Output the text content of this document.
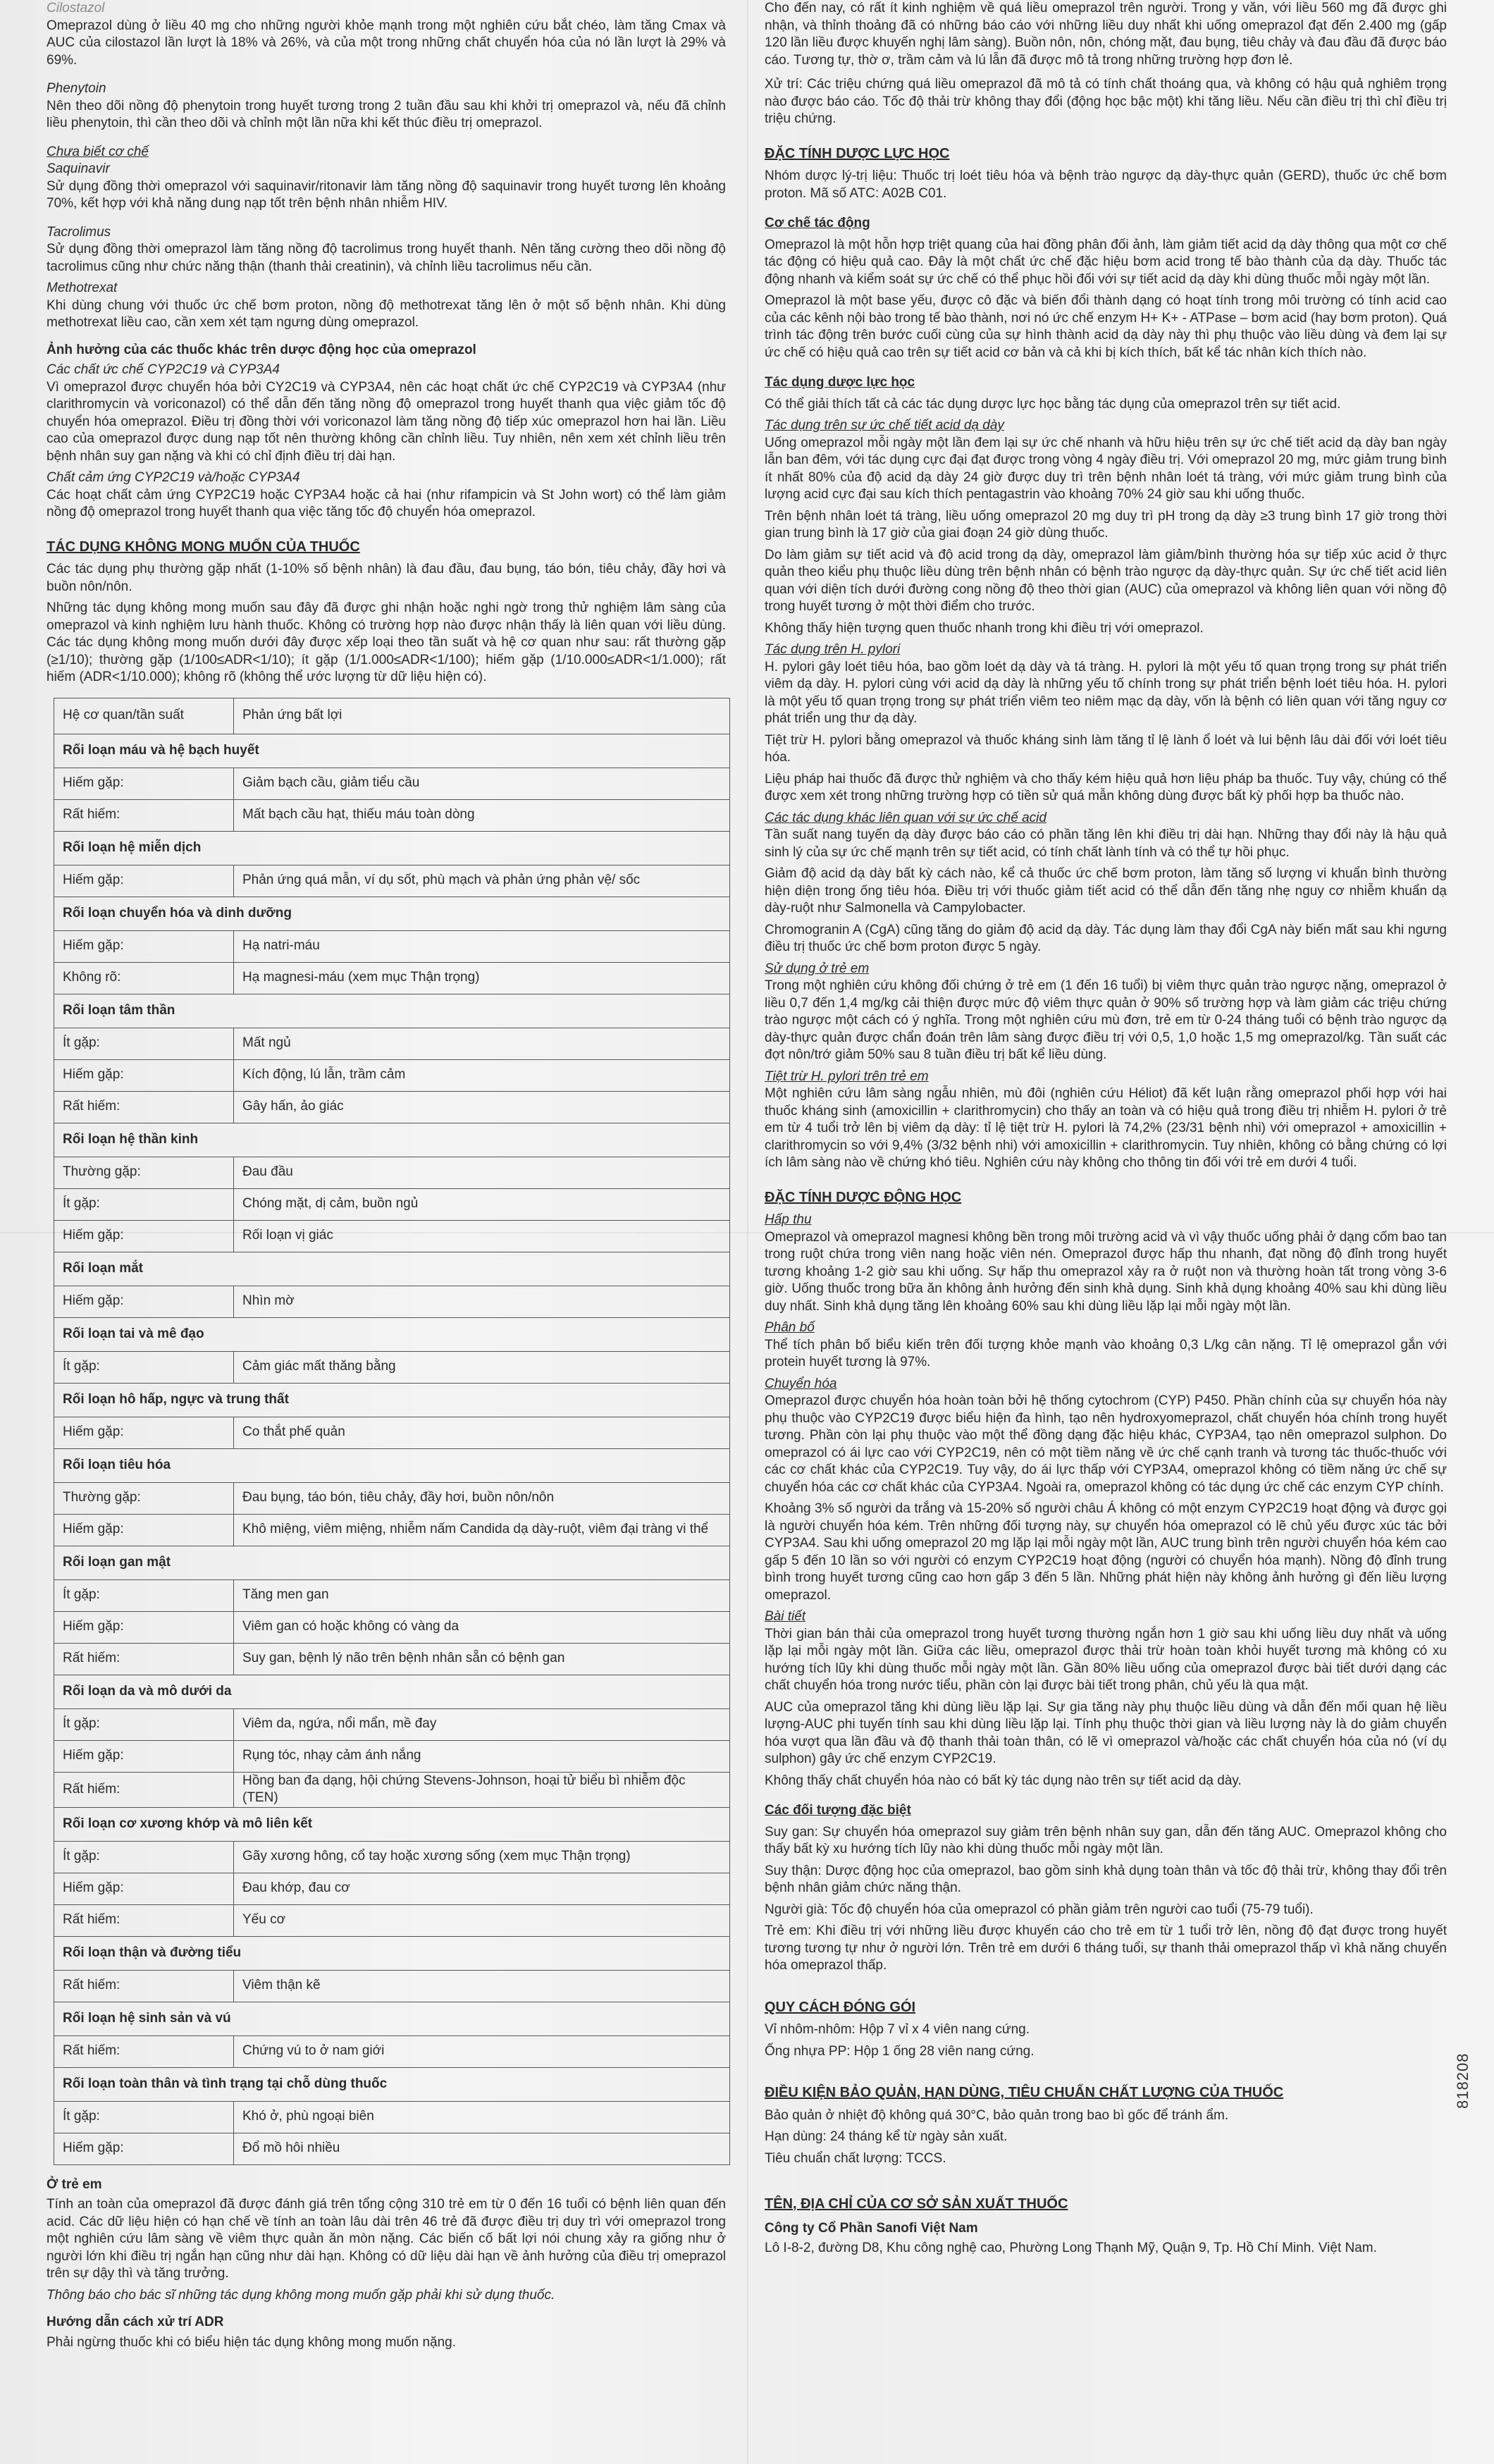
Cilostazol

Omeprazol dùng ở liều 40 mg cho những người khỏe mạnh trong một nghiên cứu bắt chéo, làm tăng Cmax và AUC của cilostazol lần lượt là 18% và 26%, và của một trong những chất chuyển hóa của nó lần lượt là 29% và 69%.

Phenytoin

Nên theo dõi nồng độ phenytoin trong huyết tương trong 2 tuần đầu sau khi khởi trị omeprazol và, nếu đã chỉnh liều phenytoin, thì cần theo dõi và chỉnh một lần nữa khi kết thúc điều trị omeprazol.

Chưa biết cơ chế

Saquinavir

Sử dụng đồng thời omeprazol với saquinavir/ritonavir làm tăng nồng độ saquinavir trong huyết tương lên khoảng 70%, kết hợp với khả năng dung nạp tốt trên bệnh nhân nhiễm HIV.

Tacrolimus

Sử dụng đồng thời omeprazol làm tăng nồng độ tacrolimus trong huyết thanh. Nên tăng cường theo dõi nồng độ tacrolimus cũng như chức năng thận (thanh thải creatinin), và chỉnh liều tacrolimus nếu cần.

Methotrexat

Khi dùng chung với thuốc ức chế bơm proton, nồng độ methotrexat tăng lên ở một số bệnh nhân. Khi dùng methotrexat liều cao, cần xem xét tạm ngưng dùng omeprazol.

Ảnh hưởng của các thuốc khác trên dược động học của omeprazol

Các chất ức chế CYP2C19 và CYP3A4

Vì omeprazol được chuyển hóa bởi CY2C19 và CYP3A4, nên các hoạt chất ức chế CYP2C19 và CYP3A4 (như clarithromycin và voriconazol) có thể dẫn đến tăng nồng độ omeprazol trong huyết thanh qua việc giảm tốc độ chuyển hóa omeprazol. Điều trị đồng thời với voriconazol làm tăng nồng độ tiếp xúc omeprazol hơn hai lần. Liều cao của omeprazol được dung nạp tốt nên thường không cần chỉnh liều. Tuy nhiên, nên xem xét chỉnh liều trên bệnh nhân suy gan nặng và khi có chỉ định điều trị dài hạn.

Chất cảm ứng CYP2C19 và/hoặc CYP3A4

Các hoạt chất cảm ứng CYP2C19 hoặc CYP3A4 hoặc cả hai (như rifampicin và St John wort) có thể làm giảm nồng độ omeprazol trong huyết thanh qua việc tăng tốc độ chuyển hóa omeprazol.

TÁC DỤNG KHÔNG MONG MUỐN CỦA THUỐC

Các tác dụng phụ thường gặp nhất (1-10% số bệnh nhân) là đau đầu, đau bụng, táo bón, tiêu chảy, đầy hơi và buồn nôn/nôn.

Những tác dụng không mong muốn sau đây đã được ghi nhận hoặc nghi ngờ trong thử nghiệm lâm sàng của omeprazol và kinh nghiệm lưu hành thuốc. Không có trường hợp nào được nhận thấy là liên quan với liều dùng. Các tác dụng không mong muốn dưới đây được xếp loại theo tần suất và hệ cơ quan như sau: rất thường gặp (≥1/10); thường gặp (1/100≤ADR<1/10); ít gặp (1/1.000≤ADR<1/100); hiếm gặp (1/10.000≤ADR<1/1.000); rất hiếm (ADR<1/10.000); không rõ (không thể ước lượng từ dữ liệu hiện có).

Hệ cơ quan/tần suất	Phản ứng bất lợi
Rối loạn máu và hệ bạch huyết	
Hiếm gặp:	Giảm bạch cầu, giảm tiểu cầu
Rất hiếm:	Mất bạch cầu hạt, thiếu máu toàn dòng
Rối loạn hệ miễn dịch	
Hiếm gặp:	Phản ứng quá mẫn, ví dụ sốt, phù mạch và phản ứng phản vệ/ sốc
Rối loạn chuyển hóa và dinh dưỡng	
Hiếm gặp:	Hạ natri-máu
Không rõ:	Hạ magnesi-máu (xem mục Thận trọng)
Rối loạn tâm thần	
Ít gặp:	Mất ngủ
Hiếm gặp:	Kích động, lú lẫn, trầm cảm
Rất hiếm:	Gây hấn, ảo giác
Rối loạn hệ thần kinh	
Thường gặp:	Đau đầu
Ít gặp:	Chóng mặt, dị cảm, buồn ngủ
Hiếm gặp:	Rối loạn vị giác
Rối loạn mắt	
Hiếm gặp:	Nhìn mờ
Rối loạn tai và mê đạo	
Ít gặp:	Cảm giác mất thăng bằng
Rối loạn hô hấp, ngực và trung thất	
Hiếm gặp:	Co thắt phế quản
Rối loạn tiêu hóa	
Thường gặp:	Đau bụng, táo bón, tiêu chảy, đầy hơi, buồn nôn/nôn
Hiếm gặp:	Khô miệng, viêm miệng, nhiễm nấm Candida dạ dày-ruột, viêm đại tràng vi thể
Rối loạn gan mật	
Ít gặp:	Tăng men gan
Hiếm gặp:	Viêm gan có hoặc không có vàng da
Rất hiếm:	Suy gan, bệnh lý não trên bệnh nhân sẵn có bệnh gan
Rối loạn da và mô dưới da	
Ít gặp:	Viêm da, ngứa, nổi mẩn, mề đay
Hiếm gặp:	Rụng tóc, nhạy cảm ánh nắng
Rất hiếm:	Hồng ban đa dạng, hội chứng Stevens-Johnson, hoại tử biểu bì nhiễm độc (TEN)
Rối loạn cơ xương khớp và mô liên kết	
Ít gặp:	Gãy xương hông, cổ tay hoặc xương sống (xem mục Thận trọng)
Hiếm gặp:	Đau khớp, đau cơ
Rất hiếm:	Yếu cơ
Rối loạn thận và đường tiểu	
Rất hiếm:	Viêm thận kẽ
Rối loạn hệ sinh sản và vú	
Rất hiếm:	Chứng vú to ở nam giới
Rối loạn toàn thân và tình trạng tại chỗ dùng thuốc	
Ít gặp:	Khó ở, phù ngoại biên
Hiếm gặp:	Đổ mồ hôi nhiều

Ở trẻ em

Tính an toàn của omeprazol đã được đánh giá trên tổng cộng 310 trẻ em từ 0 đến 16 tuổi có bệnh liên quan đến acid. Các dữ liệu hiện có hạn chế về tính an toàn lâu dài trên 46 trẻ đã được điều trị duy trì với omeprazol trong một nghiên cứu lâm sàng về viêm thực quản ăn mòn nặng. Các biến cố bất lợi nói chung xảy ra giống như ở người lớn khi điều trị ngắn hạn cũng như dài hạn. Không có dữ liệu dài hạn về ảnh hưởng của điều trị omeprazol trên sự dậy thì và tăng trưởng.

Thông báo cho bác sĩ những tác dụng không mong muốn gặp phải khi sử dụng thuốc.

Hướng dẫn cách xử trí ADR

Phải ngừng thuốc khi có biểu hiện tác dụng không mong muốn nặng.

Cho đến nay, có rất ít kinh nghiệm về quá liều omeprazol trên người. Trong y văn, với liều 560 mg đã được ghi nhận, và thỉnh thoảng đã có những báo cáo với những liều duy nhất khi uống omeprazol đạt đến 2.400 mg (gấp 120 lần liều được khuyến nghị lâm sàng). Buồn nôn, nôn, chóng mặt, đau bụng, tiêu chảy và đau đầu đã được báo cáo. Tương tự, thờ ơ, trầm cảm và lú lẫn đã được mô tả trong những trường hợp đơn lẻ.

Xử trí: Các triệu chứng quá liều omeprazol đã mô tả có tính chất thoáng qua, và không có hậu quả nghiêm trọng nào được báo cáo. Tốc độ thải trừ không thay đổi (động học bậc một) khi tăng liều. Nếu cần điều trị thì chỉ điều trị triệu chứng.

ĐẶC TÍNH DƯỢC LỰC HỌC

Nhóm dược lý-trị liệu: Thuốc trị loét tiêu hóa và bệnh trào ngược dạ dày-thực quản (GERD), thuốc ức chế bơm proton. Mã số ATC: A02B C01.

Cơ chế tác động

Omeprazol là một hỗn hợp triệt quang của hai đồng phân đối ảnh, làm giảm tiết acid dạ dày thông qua một cơ chế tác động có hiệu quả cao. Đây là một chất ức chế đặc hiệu bơm acid trong tế bào thành của dạ dày. Thuốc tác động nhanh và kiểm soát sự ức chế có thể phục hồi đối với sự tiết acid dạ dày khi dùng thuốc mỗi ngày một lần.

Omeprazol là một base yếu, được cô đặc và biến đổi thành dạng có hoạt tính trong môi trường có tính acid cao của các kênh nội bào trong tế bào thành, nơi nó ức chế enzym H+ K+ - ATPase – bơm acid (hay bơm proton). Quá trình tác động trên bước cuối cùng của sự hình thành acid dạ dày này thì phụ thuộc vào liều dùng và đem lại sự ức chế có hiệu quả cao trên sự tiết acid cơ bản và cả khi bị kích thích, bất kể tác nhân kích thích nào.

Tác dụng dược lực học

Có thể giải thích tất cả các tác dụng dược lực học bằng tác dụng của omeprazol trên sự tiết acid.

Tác dụng trên sự ức chế tiết acid dạ dày

Uống omeprazol mỗi ngày một lần đem lại sự ức chế nhanh và hữu hiệu trên sự ức chế tiết acid dạ dày ban ngày lẫn ban đêm, với tác dụng cực đại đạt được trong vòng 4 ngày điều trị. Với omeprazol 20 mg, mức giảm trung bình ít nhất 80% của độ acid dạ dày 24 giờ được duy trì trên bệnh nhân loét tá tràng, với mức giảm trung bình của lượng acid cực đại sau kích thích pentagastrin vào khoảng 70% 24 giờ sau khi uống thuốc.

Trên bệnh nhân loét tá tràng, liều uống omeprazol 20 mg duy trì pH trong dạ dày ≥3 trung bình 17 giờ trong thời gian trung bình là 17 giờ của giai đoạn 24 giờ dùng thuốc.

Do làm giảm sự tiết acid và độ acid trong dạ dày, omeprazol làm giảm/bình thường hóa sự tiếp xúc acid ở thực quản theo kiểu phụ thuộc liều dùng trên bệnh nhân có bệnh trào ngược dạ dày-thực quản. Sự ức chế tiết acid liên quan với diện tích dưới đường cong nồng độ theo thời gian (AUC) của omeprazol và không liên quan với nồng độ trong huyết tương ở một thời điểm cho trước.

Không thấy hiện tượng quen thuốc nhanh trong khi điều trị với omeprazol.

Tác dụng trên H. pylori

H. pylori gây loét tiêu hóa, bao gồm loét dạ dày và tá tràng. H. pylori là một yếu tố quan trọng trong sự phát triển viêm dạ dày. H. pylori cùng với acid dạ dày là những yếu tố chính trong sự phát triển bệnh loét tiêu hóa. H. pylori là một yếu tố quan trọng trong sự phát triển viêm teo niêm mạc dạ dày, vốn là bệnh có liên quan với tăng nguy cơ phát triển ung thư dạ dày.

Tiệt trừ H. pylori bằng omeprazol và thuốc kháng sinh làm tăng tỉ lệ lành ổ loét và lui bệnh lâu dài đối với loét tiêu hóa.

Liệu pháp hai thuốc đã được thử nghiệm và cho thấy kém hiệu quả hơn liệu pháp ba thuốc. Tuy vậy, chúng có thể được xem xét trong những trường hợp có tiền sử quá mẫn không dùng được bất kỳ phối hợp ba thuốc nào.

Các tác dụng khác liên quan với sự ức chế acid

Tần suất nang tuyến dạ dày được báo cáo có phần tăng lên khi điều trị dài hạn. Những thay đổi này là hậu quả sinh lý của sự ức chế mạnh trên sự tiết acid, có tính chất lành tính và có thể tự hồi phục.

Giảm độ acid dạ dày bất kỳ cách nào, kể cả thuốc ức chế bơm proton, làm tăng số lượng vi khuẩn bình thường hiện diện trong ống tiêu hóa. Điều trị với thuốc giảm tiết acid có thể dẫn đến tăng nhẹ nguy cơ nhiễm khuẩn dạ dày-ruột như Salmonella và Campylobacter.

Chromogranin A (CgA) cũng tăng do giảm độ acid dạ dày. Tác dụng làm thay đổi CgA này biến mất sau khi ngưng điều trị thuốc ức chế bơm proton được 5 ngày.

Sử dụng ở trẻ em

Trong một nghiên cứu không đối chứng ở trẻ em (1 đến 16 tuổi) bị viêm thực quản trào ngược nặng, omeprazol ở liều 0,7 đến 1,4 mg/kg cải thiện được mức độ viêm thực quản ở 90% số trường hợp và làm giảm các triệu chứng trào ngược một cách có ý nghĩa. Trong một nghiên cứu mù đơn, trẻ em từ 0-24 tháng tuổi có bệnh trào ngược dạ dày-thực quản được chẩn đoán trên lâm sàng được điều trị với 0,5, 1,0 hoặc 1,5 mg omeprazol/kg. Tần suất các đợt nôn/trớ giảm 50% sau 8 tuần điều trị bất kể liều dùng.

Tiệt trừ H. pylori trên trẻ em

Một nghiên cứu lâm sàng ngẫu nhiên, mù đôi (nghiên cứu Héliot) đã kết luận rằng omeprazol phối hợp với hai thuốc kháng sinh (amoxicillin + clarithromycin) cho thấy an toàn và có hiệu quả trong điều trị nhiễm H. pylori ở trẻ em từ 4 tuổi trở lên bị viêm dạ dày: tỉ lệ tiệt trừ H. pylori là 74,2% (23/31 bệnh nhi) với omeprazol + amoxicillin + clarithromycin so với 9,4% (3/32 bệnh nhi) với amoxicillin + clarithromycin. Tuy nhiên, không có bằng chứng có lợi ích lâm sàng nào về chứng khó tiêu. Nghiên cứu này không cho thông tin đối với trẻ em dưới 4 tuổi.

ĐẶC TÍNH DƯỢC ĐỘNG HỌC

Hấp thu

Omeprazol và omeprazol magnesi không bền trong môi trường acid và vì vậy thuốc uống phải ở dạng cốm bao tan trong ruột chứa trong viên nang hoặc viên nén. Omeprazol được hấp thu nhanh, đạt nồng độ đỉnh trong huyết tương khoảng 1-2 giờ sau khi uống. Sự hấp thu omeprazol xảy ra ở ruột non và thường hoàn tất trong vòng 3-6 giờ. Uống thuốc trong bữa ăn không ảnh hưởng đến sinh khả dụng. Sinh khả dụng khoảng 40% sau khi dùng liều duy nhất. Sinh khả dụng tăng lên khoảng 60% sau khi dùng liều lặp lại mỗi ngày một lần.

Phân bố

Thể tích phân bố biểu kiến trên đối tượng khỏe mạnh vào khoảng 0,3 L/kg cân nặng. Tỉ lệ omeprazol gắn với protein huyết tương là 97%.

Chuyển hóa

Omeprazol được chuyển hóa hoàn toàn bởi hệ thống cytochrom (CYP) P450. Phần chính của sự chuyển hóa này phụ thuộc vào CYP2C19 được biểu hiện đa hình, tạo nên hydroxyomeprazol, chất chuyển hóa chính trong huyết tương. Phần còn lại phụ thuộc vào một thể đồng dạng đặc hiệu khác, CYP3A4, tạo nên omeprazol sulphon. Do omeprazol có ái lực cao với CYP2C19, nên có một tiềm năng về ức chế cạnh tranh và tương tác thuốc-thuốc với các cơ chất khác của CYP2C19. Tuy vậy, do ái lực thấp với CYP3A4, omeprazol không có tiềm năng ức chế sự chuyển hóa các cơ chất khác của CYP3A4. Ngoài ra, omeprazol không có tác dụng ức chế các enzym CYP chính.

Khoảng 3% số người da trắng và 15-20% số người châu Á không có một enzym CYP2C19 hoạt động và được gọi là người chuyển hóa kém. Trên những đối tượng này, sự chuyển hóa omeprazol có lẽ chủ yếu được xúc tác bởi CYP3A4. Sau khi uống omeprazol 20 mg lặp lại mỗi ngày một lần, AUC trung bình trên người chuyển hóa kém cao gấp 5 đến 10 lần so với người có enzym CYP2C19 hoạt động (người có chuyển hóa mạnh). Nồng độ đỉnh trung bình trong huyết tương cũng cao hơn gấp 3 đến 5 lần. Những phát hiện này không ảnh hưởng gì đến liều lượng omeprazol.

Bài tiết

Thời gian bán thải của omeprazol trong huyết tương thường ngắn hơn 1 giờ sau khi uống liều duy nhất và uống lặp lại mỗi ngày một lần. Giữa các liều, omeprazol được thải trừ hoàn toàn khỏi huyết tương mà không có xu hướng tích lũy khi dùng thuốc mỗi ngày một lần. Gần 80% liều uống của omeprazol được bài tiết dưới dạng các chất chuyển hóa trong nước tiểu, phần còn lại được bài tiết trong phân, chủ yếu là qua mật.

AUC của omeprazol tăng khi dùng liều lặp lại. Sự gia tăng này phụ thuộc liều dùng và dẫn đến mối quan hệ liều lượng-AUC phi tuyến tính sau khi dùng liều lặp lại. Tính phụ thuộc thời gian và liều lượng này là do giảm chuyển hóa vượt qua lần đầu và độ thanh thải toàn thân, có lẽ vì omeprazol và/hoặc các chất chuyển hóa của nó (ví dụ sulphon) gây ức chế enzym CYP2C19.

Không thấy chất chuyển hóa nào có bất kỳ tác dụng nào trên sự tiết acid dạ dày.

Các đối tượng đặc biệt

Suy gan: Sự chuyển hóa omeprazol suy giảm trên bệnh nhân suy gan, dẫn đến tăng AUC. Omeprazol không cho thấy bất kỳ xu hướng tích lũy nào khi dùng thuốc mỗi ngày một lần.

Suy thận: Dược động học của omeprazol, bao gồm sinh khả dụng toàn thân và tốc độ thải trừ, không thay đổi trên bệnh nhân giảm chức năng thận.

Người già: Tốc độ chuyển hóa của omeprazol có phần giảm trên người cao tuổi (75-79 tuổi).

Trẻ em: Khi điều trị với những liều được khuyến cáo cho trẻ em từ 1 tuổi trở lên, nồng độ đạt được trong huyết tương tương tự như ở người lớn. Trên trẻ em dưới 6 tháng tuổi, sự thanh thải omeprazol thấp vì khả năng chuyển hóa omeprazol thấp.

QUY CÁCH ĐÓNG GÓI

Vỉ nhôm-nhôm: Hộp 7 vỉ x 4 viên nang cứng.

Ống nhựa PP: Hộp 1 ống 28 viên nang cứng.

ĐIỀU KIỆN BẢO QUẢN, HẠN DÙNG, TIÊU CHUẨN CHẤT LƯỢNG CỦA THUỐC

Bảo quản ở nhiệt độ không quá 30°C, bảo quản trong bao bì gốc để tránh ẩm.

Hạn dùng: 24 tháng kể từ ngày sản xuất.

Tiêu chuẩn chất lượng: TCCS.

TÊN, ĐỊA CHỈ CỦA CƠ SỞ SẢN XUẤT THUỐC

Công ty Cổ Phần Sanofi Việt Nam

Lô I-8-2, đường D8, Khu công nghệ cao, Phường Long Thạnh Mỹ, Quận 9, Tp. Hồ Chí Minh. Việt Nam.

818208
